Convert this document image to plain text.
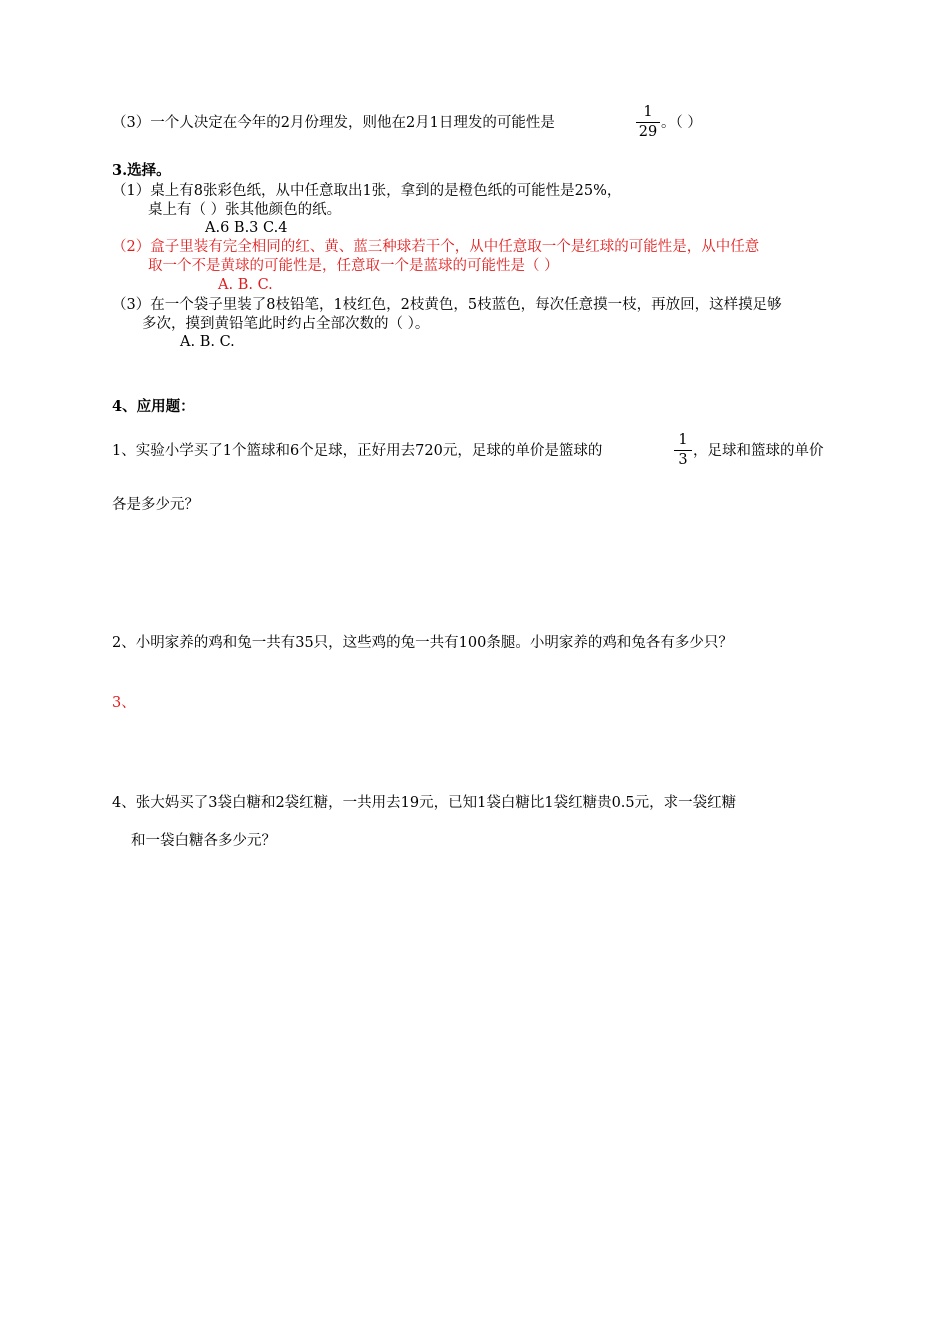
（3）一个人决定在今年的2月份理发，则他在2月1日理发的可能性是
1
29
。（ ）
3.选择。
（1）桌上有8张彩色纸，从中任意取出1张，拿到的是橙色纸的可能性是25%，
桌上有（ ）张其他颜色的纸。
A.6 B.3 C.4
（2）盒子里装有完全相同的红、黄、蓝三种球若干个，从中任意取一个是红球的可能性是，从中任意
取一个不是黄球的可能性是，任意取一个是蓝球的可能性是（ ）
A. B. C.
（3）在一个袋子里装了8枝铅笔，1枝红色，2枝黄色，5枝蓝色，每次任意摸一枝，再放回，这样摸足够
多次，摸到黄铅笔此时约占全部次数的（ ）。
A. B. C.
4、应用题：
1、实验小学买了1个篮球和6个足球，正好用去720元，足球的单价是篮球的
1
3
，足球和篮球的单价
各是多少元？
2、小明家养的鸡和兔一共有35只，这些鸡的兔一共有100条腿。小明家养的鸡和兔各有多少只？
3、
4、张大妈买了3袋白糖和2袋红糖，一共用去19元，已知1袋白糖比1袋红糖贵0.5元，求一袋红糖
和一袋白糖各多少元？
